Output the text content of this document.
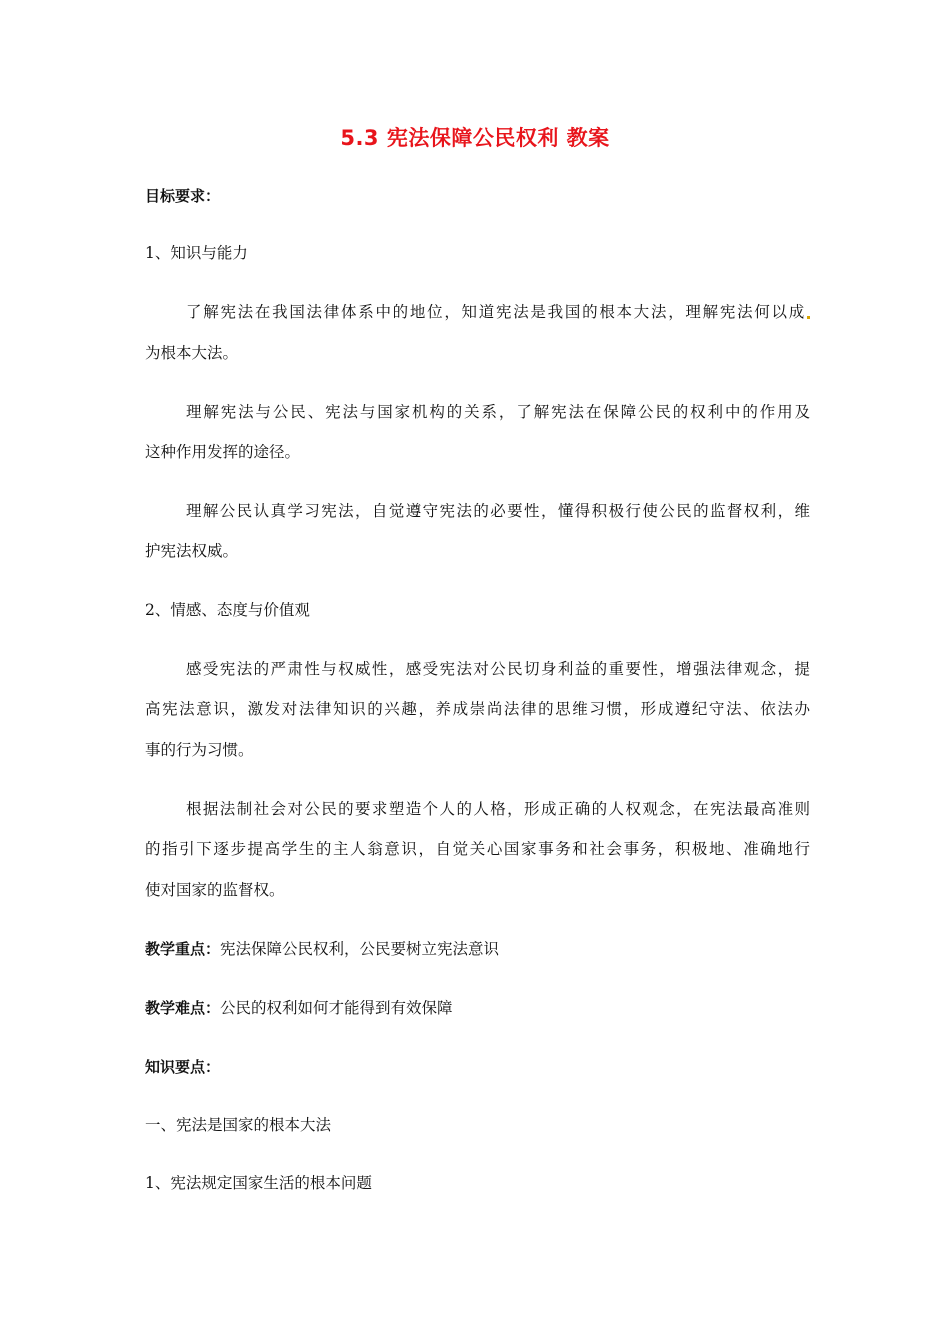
5.3 宪法保障公民权利 教案
目标要求：
1、知识与能力
了解宪法在我国法律体系中的地位，知道宪法是我国的根本大法，理解宪法何以成
为根本大法。
理解宪法与公民、宪法与国家机构的关系，了解宪法在保障公民的权利中的作用及
这种作用发挥的途径。
理解公民认真学习宪法，自觉遵守宪法的必要性，懂得积极行使公民的监督权利，维
护宪法权威。
2、情感、态度与价值观
感受宪法的严肃性与权威性，感受宪法对公民切身利益的重要性，增强法律观念，提
高宪法意识，激发对法律知识的兴趣，养成崇尚法律的思维习惯，形成遵纪守法、依法办
事的行为习惯。
根据法制社会对公民的要求塑造个人的人格，形成正确的人权观念，在宪法最高准则
的指引下逐步提高学生的主人翁意识，自觉关心国家事务和社会事务，积极地、准确地行
使对国家的监督权。
教学重点：宪法保障公民权利，公民要树立宪法意识
教学难点：公民的权利如何才能得到有效保障
知识要点：
一、宪法是国家的根本大法
1、宪法规定国家生活的根本问题
